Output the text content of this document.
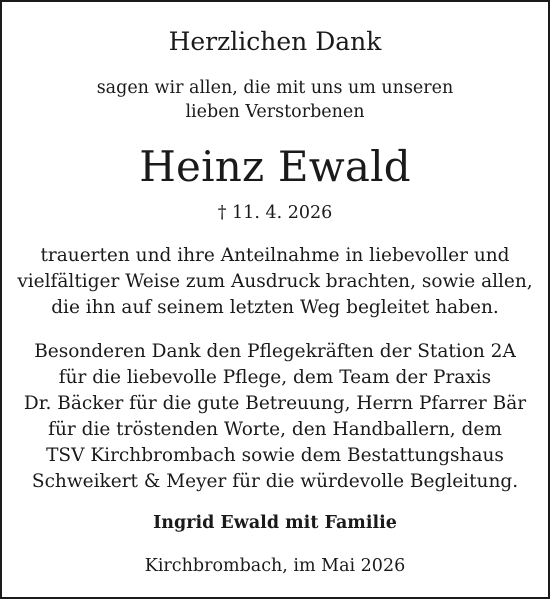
Herzlichen Dank
sagen wir allen, die mit uns um unseren
lieben Verstorbenen
Heinz Ewald
† 11. 4. 2026
trauerten und ihre Anteilnahme in liebevoller und
vielfältiger Weise zum Ausdruck brachten, sowie allen,
die ihn auf seinem letzten Weg begleitet haben.
Besonderen Dank den Pflegekräften der Station 2A
für die liebevolle Pflege, dem Team der Praxis
Dr. Bäcker für die gute Betreuung, Herrn Pfarrer Bär
für die tröstenden Worte, den Handballern, dem
TSV Kirchbrombach sowie dem Bestattungshaus
Schweikert & Meyer für die würdevolle Begleitung.
Ingrid Ewald mit Familie
Kirchbrombach, im Mai 2026
